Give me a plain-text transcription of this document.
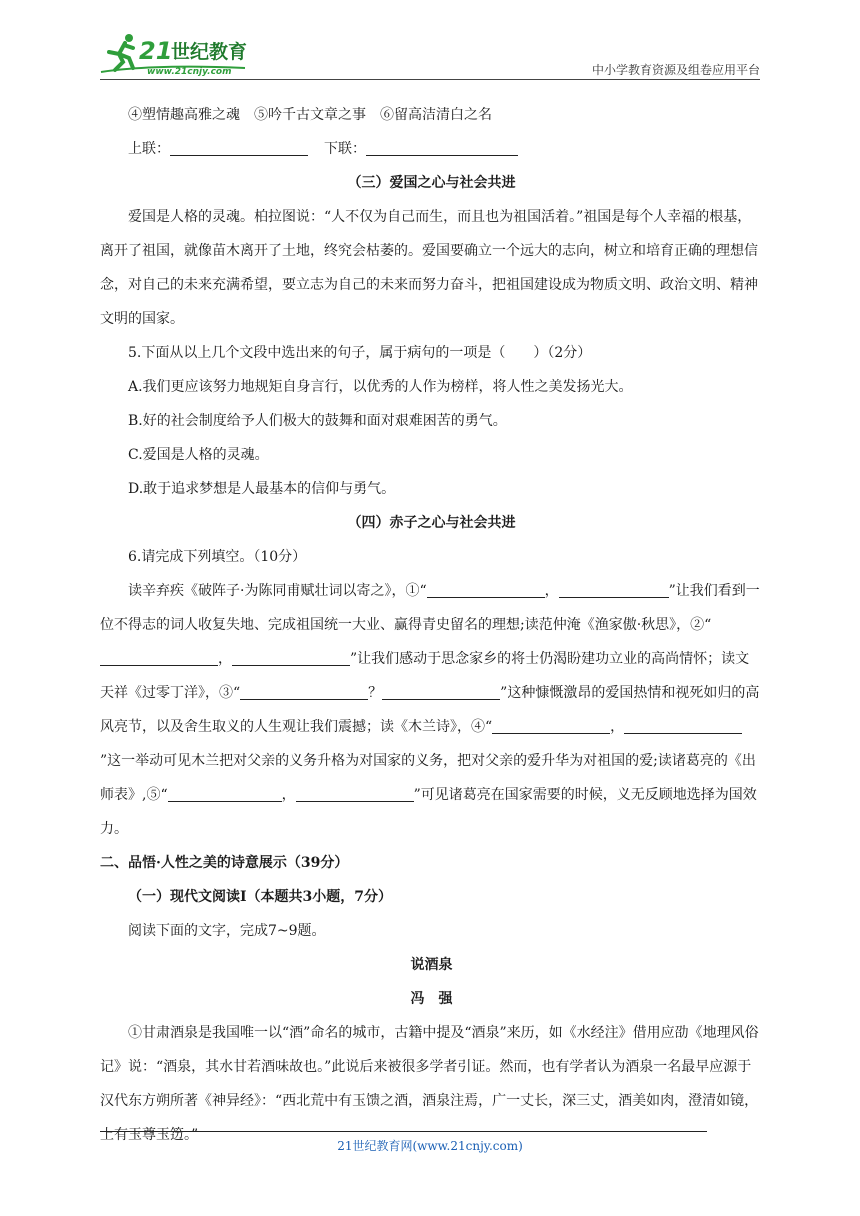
21
世纪教育
www.21cnjy.com	中小学教育资源及组卷应用平台

④塑情趣高雅之魂　⑤吟千古文章之事　⑥留高洁清白之名

上联：	下联：

（三）爱国之心与社会共进

爱国是人格的灵魂。柏拉图说：“人不仅为自己而生，而且也为祖国活着。”祖国是每个人幸福的根基，离开了祖国，就像苗木离开了土地，终究会枯萎的。爱国要确立一个远大的志向，树立和培育正确的理想信念，对自己的未来充满希望，要立志为自己的未来而努力奋斗，把祖国建设成为物质文明、政治文明、精神文明的国家。

5.下面从以上几个文段中选出来的句子，属于病句的一项是（　　）（2分）

A.我们更应该努力地规矩自身言行，以优秀的人作为榜样，将人性之美发扬光大。

B.好的社会制度给予人们极大的鼓舞和面对艰难困苦的勇气。

C.爱国是人格的灵魂。

D.敢于追求梦想是人最基本的信仰与勇气。

（四）赤子之心与社会共进

6.请完成下列填空。（10分）

读辛弃疾《破阵子·为陈同甫赋壮词以寄之》，①“	，	”让我们看到一位不得志的词人收复失地、完成祖国统一大业、赢得青史留名的理想;读范仲淹《渔家傲·秋思》，②“，	”让我们感动于思念家乡的将士仍渴盼建功立业的高尚情怀；读文天祥《过零丁洋》，③“	？	”这种慷慨激昂的爱国热情和视死如归的高风亮节，以及舍生取义的人生观让我们震撼；读《木兰诗》，④“	，”这一举动可见木兰把对父亲的义务升格为对国家的义务，把对父亲的爱升华为对祖国的爱;读诸葛亮的《出师表》,⑤“	，	”可见诸葛亮在国家需要的时候，义无反顾地选择为国效力。

二、品悟·人性之美的诗意展示（39分）

（一）现代文阅读Ⅰ（本题共3小题，7分）

阅读下面的文字，完成7~9题。

说酒泉

冯　强

①甘肃酒泉是我国唯一以“酒”命名的城市，古籍中提及“酒泉”来历，如《水经注》借用应劭《地理风俗记》说：“酒泉，其水甘若酒味故也。”此说后来被很多学者引证。然而，也有学者认为酒泉一名最早应源于汉代东方朔所著《神异经》：“西北荒中有玉馈之酒，酒泉注焉，广一丈长，深三丈，酒美如肉，澄清如镜，上有玉尊玉笾。”

21世纪教育网(www.21cnjy.com)
